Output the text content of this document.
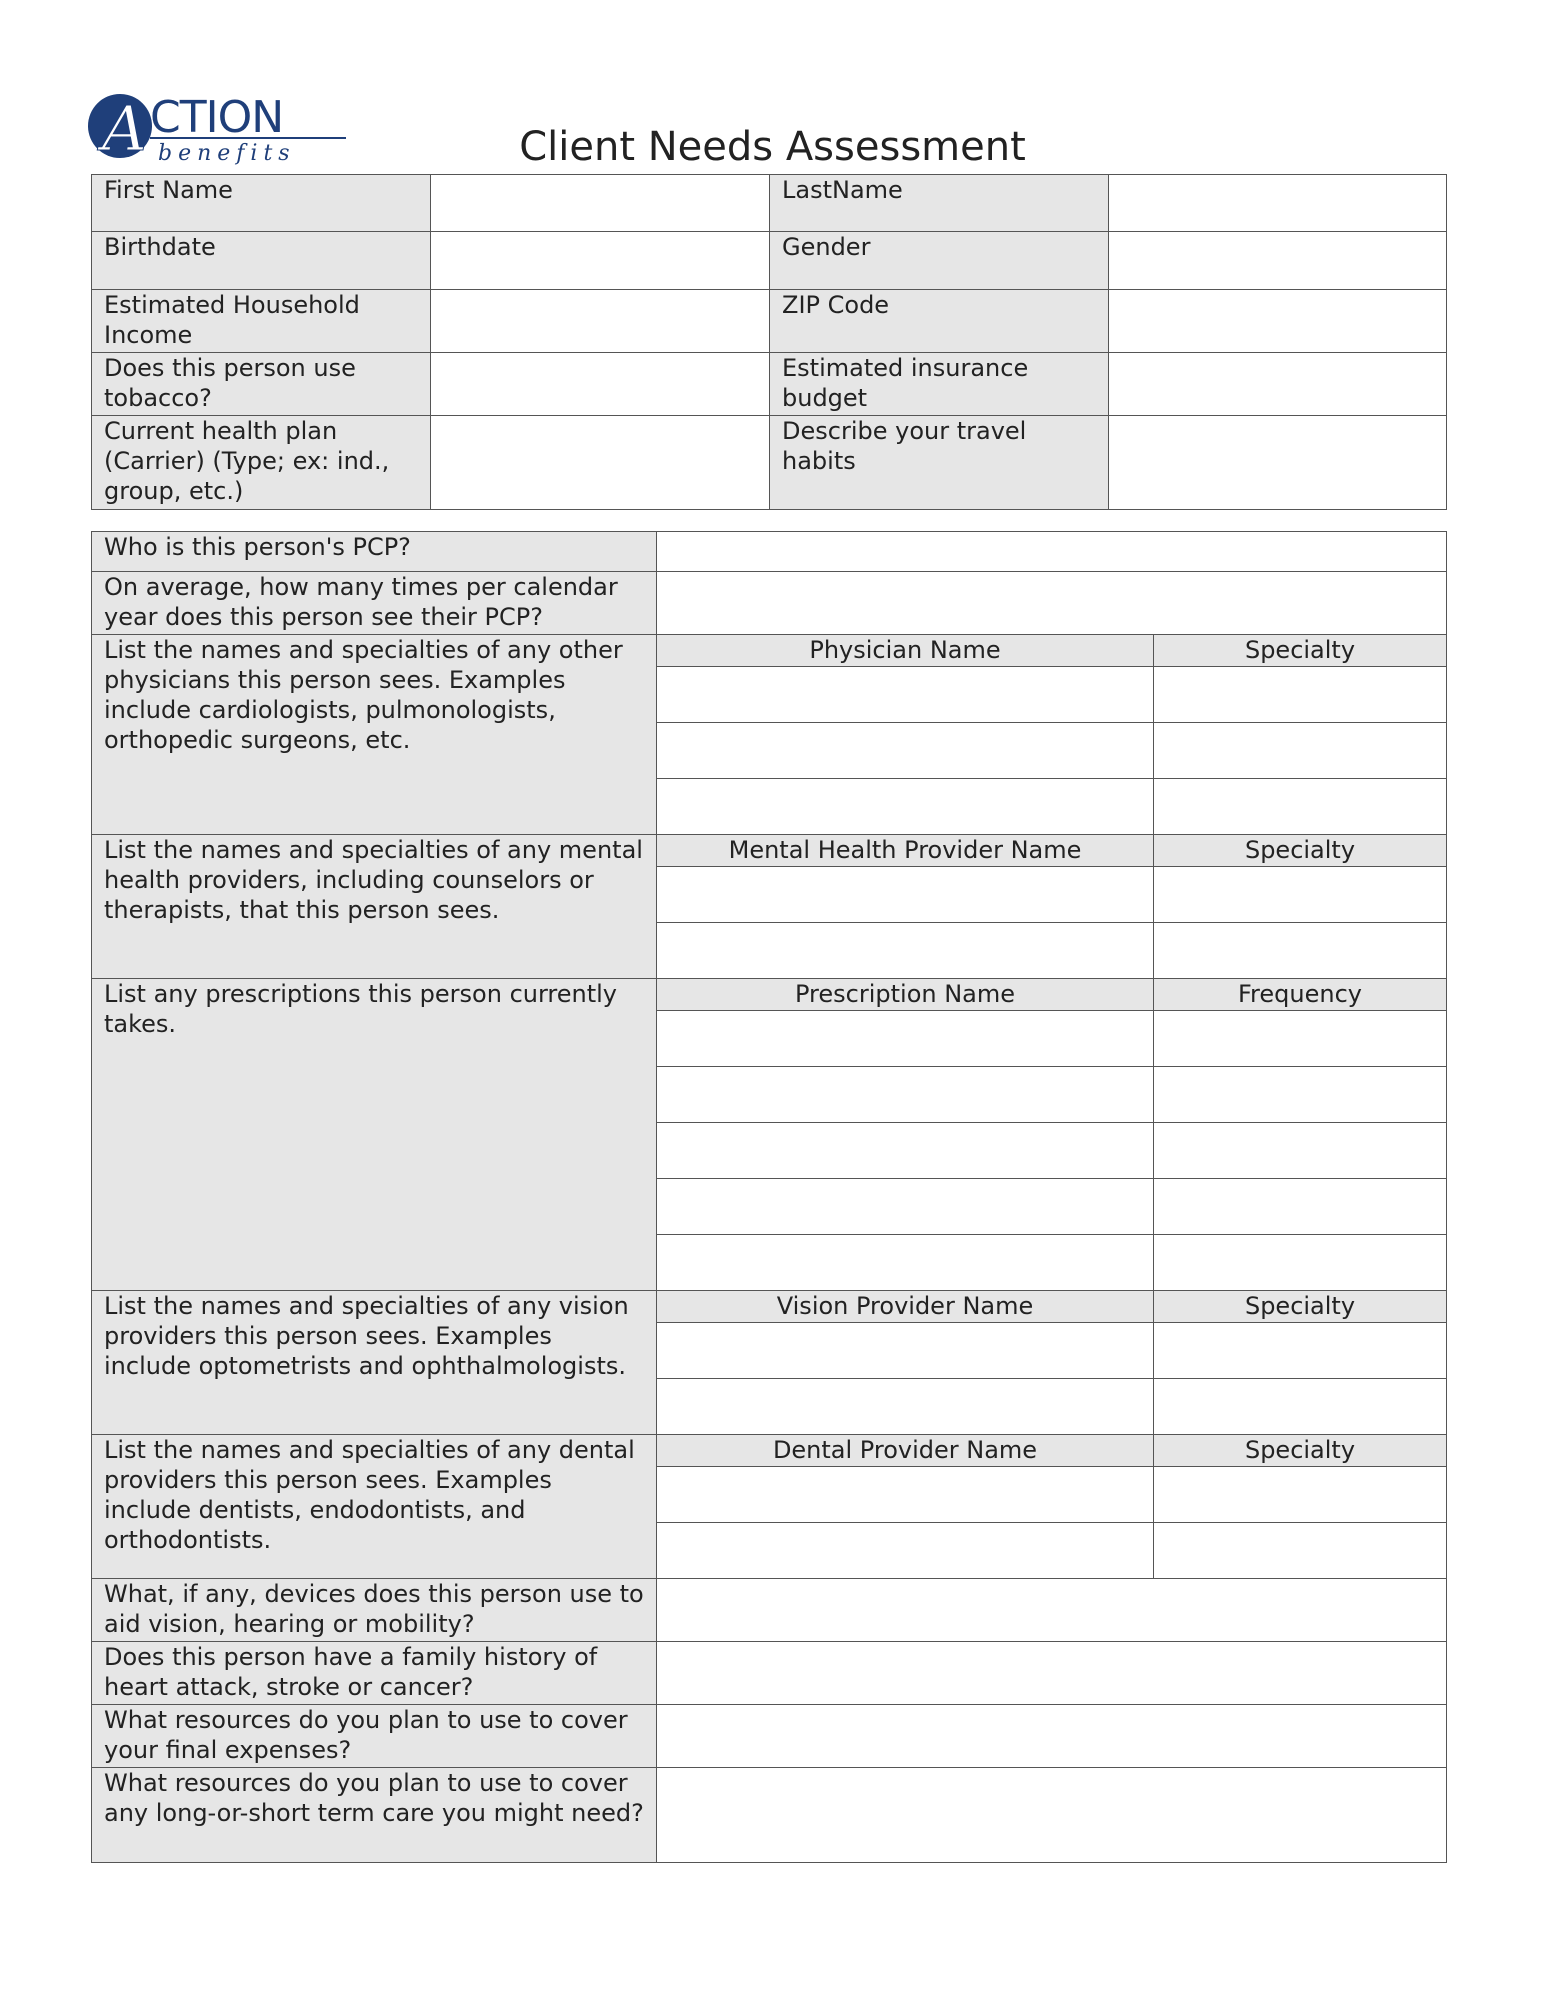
A CTION
benefits	Client Needs Assessment
First Name		LastName	
Birthdate		Gender	
Estimated Household Income		ZIP Code	
Does this person use tobacco?		Estimated insurance budget	
Current health plan (Carrier) (Type; ex: ind., group, etc.)		Describe your travel habits	
Who is this person's PCP?		
On average, how many times per calendar year does this person see their PCP?		
List the names and specialties of any other physicians this person sees. Examples include cardiologists, pulmonologists, orthopedic surgeons, etc.	Physician Name	Specialty

List the names and specialties of any mental health providers, including counselors or therapists, that this person sees.	Mental Health Provider Name	Specialty

List any prescriptions this person currently takes.	Prescription Name	Frequency

List the names and specialties of any vision providers this person sees. Examples include optometrists and ophthalmologists.	Vision Provider Name	Specialty

List the names and specialties of any dental providers this person sees. Examples include dentists, endodontists, and orthodontists.	Dental Provider Name	Specialty

What, if any, devices does this person use to aid vision, hearing or mobility?		
Does this person have a family history of heart attack, stroke or cancer?		
What resources do you plan to use to cover your final expenses?		
What resources do you plan to use to cover any long-or-short term care you might need?		
